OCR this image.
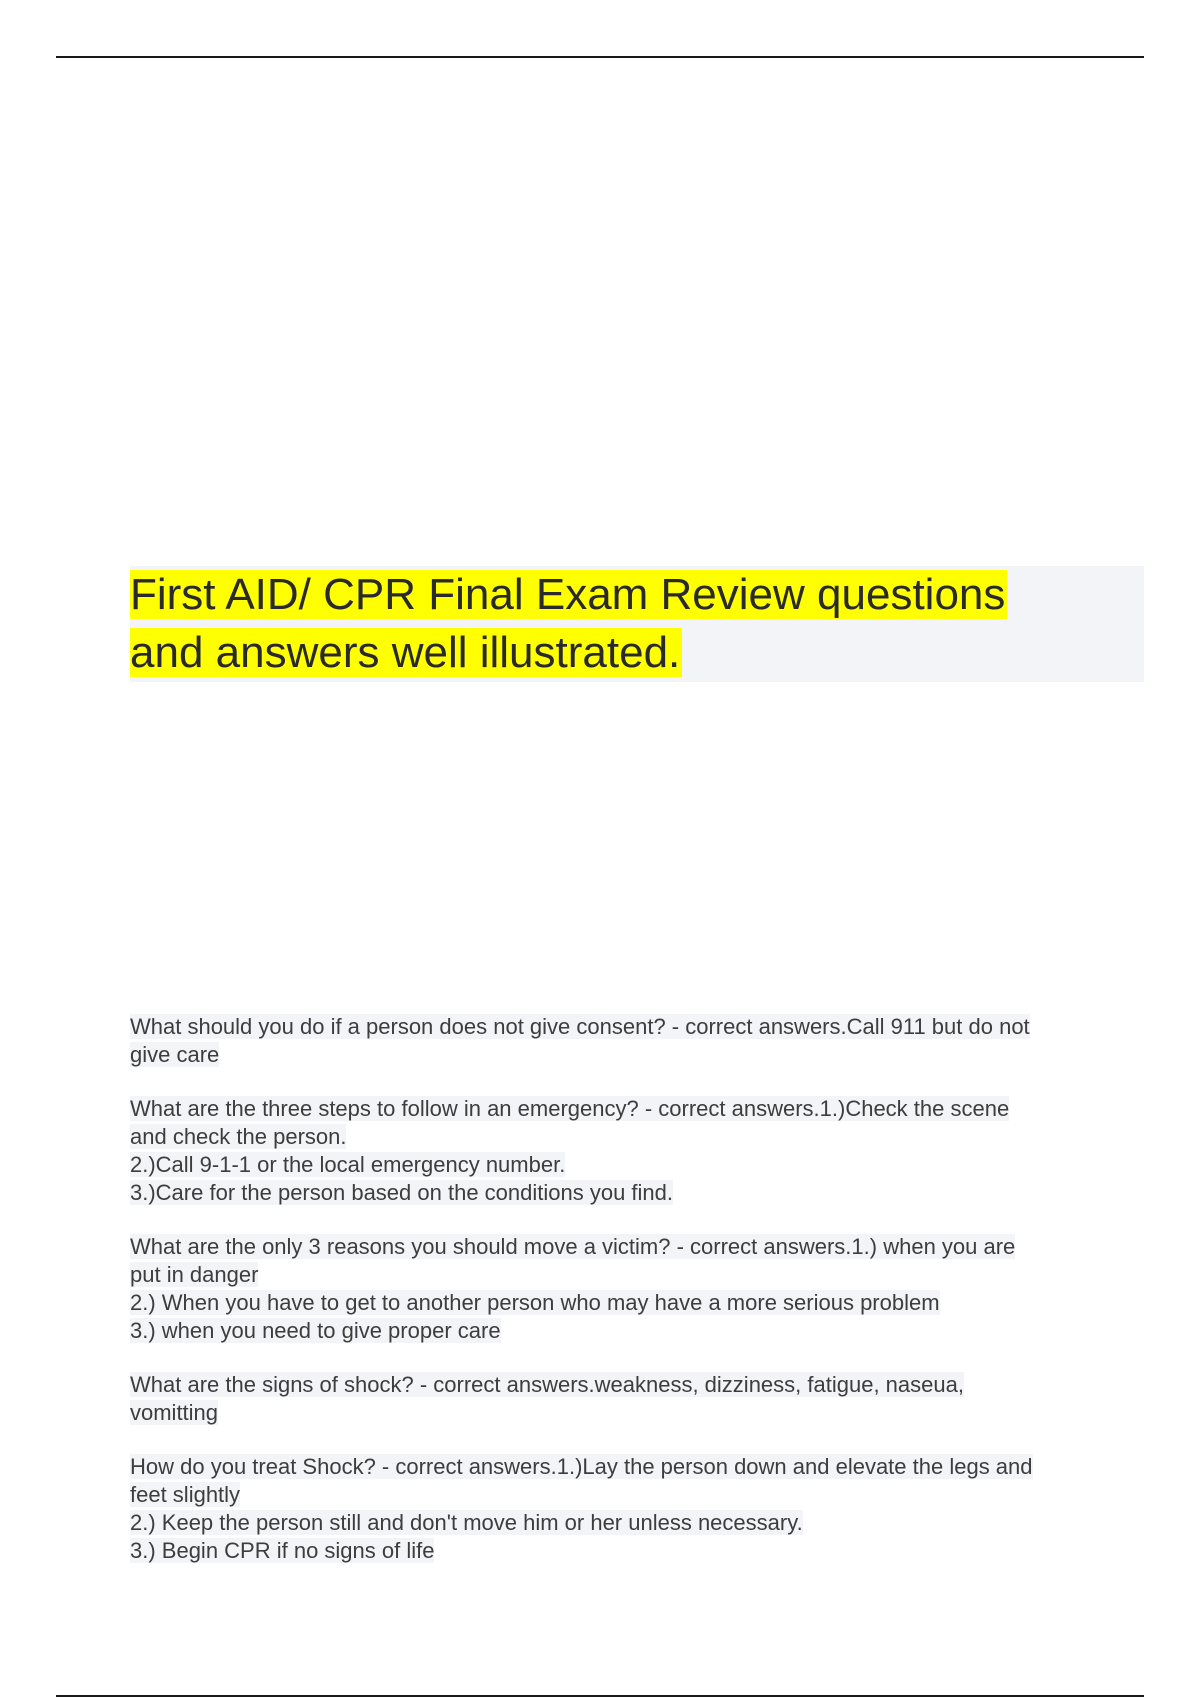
First AID/ CPR Final Exam Review questions
and answers well illustrated.

What should you do if a person does not give consent? - correct answers.Call 911 but do not
give care

What are the three steps to follow in an emergency? - correct answers.1.)Check the scene
and check the person.
2.)Call 9-1-1 or the local emergency number.
3.)Care for the person based on the conditions you find.

What are the only 3 reasons you should move a victim? - correct answers.1.) when you are
put in danger
2.) When you have to get to another person who may have a more serious problem
3.) when you need to give proper care

What are the signs of shock? - correct answers.weakness, dizziness, fatigue, naseua,
vomitting

How do you treat Shock? - correct answers.1.)Lay the person down and elevate the legs and
feet slightly
2.) Keep the person still and don't move him or her unless necessary.
3.) Begin CPR if no signs of life
